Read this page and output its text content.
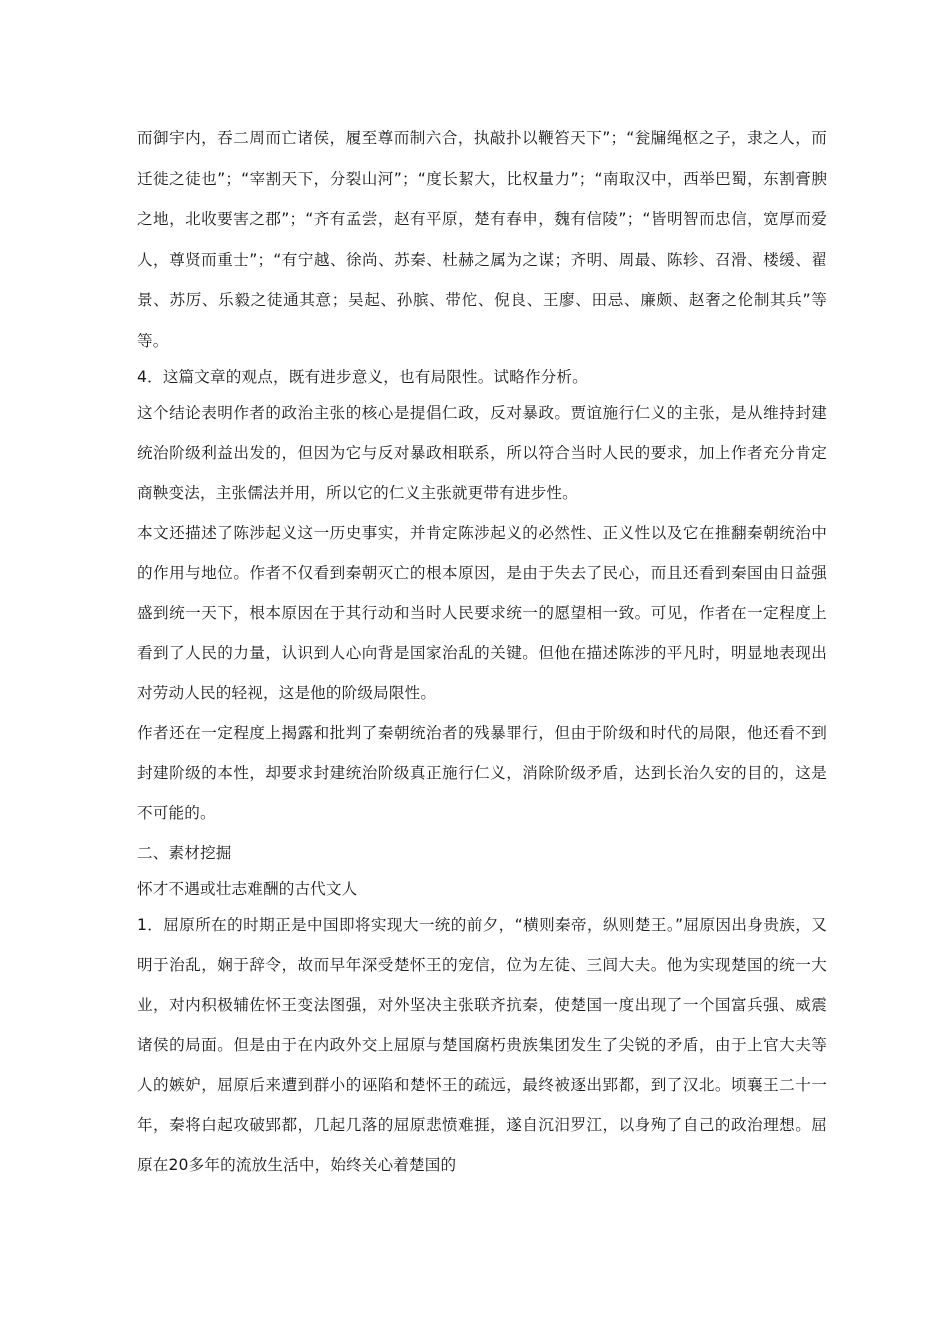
而御宇内，吞二周而亡诸侯，履至尊而制六合，执敲扑以鞭笞天下”；“瓮牖绳枢之子，隶之人，而迁徙之徒也”；“宰割天下，分裂山河”；“度长絜大，比权量力”；“南取汉中，西举巴蜀，东割膏腴之地，北收要害之郡”；“齐有孟尝，赵有平原，楚有春申，魏有信陵”；“皆明智而忠信，宽厚而爱人，尊贤而重士”；“有宁越、徐尚、苏秦、杜赫之属为之谋；齐明、周最、陈轸、召滑、楼缓、翟景、苏厉、乐毅之徒通其意；吴起、孙膑、带佗、倪良、王廖、田忌、廉颇、赵奢之伦制其兵”等等。

4．这篇文章的观点，既有进步意义，也有局限性。试略作分析。

这个结论表明作者的政治主张的核心是提倡仁政，反对暴政。贾谊施行仁义的主张，是从维持封建统治阶级利益出发的，但因为它与反对暴政相联系，所以符合当时人民的要求，加上作者充分肯定商鞅变法，主张儒法并用，所以它的仁义主张就更带有进步性。

本文还描述了陈涉起义这一历史事实，并肯定陈涉起义的必然性、正义性以及它在推翻秦朝统治中的作用与地位。作者不仅看到秦朝灭亡的根本原因，是由于失去了民心，而且还看到秦国由日益强盛到统一天下，根本原因在于其行动和当时人民要求统一的愿望相一致。可见，作者在一定程度上看到了人民的力量，认识到人心向背是国家治乱的关键。但他在描述陈涉的平凡时，明显地表现出对劳动人民的轻视，这是他的阶级局限性。

作者还在一定程度上揭露和批判了秦朝统治者的残暴罪行，但由于阶级和时代的局限，他还看不到封建阶级的本性，却要求封建统治阶级真正施行仁义，消除阶级矛盾，达到长治久安的目的，这是不可能的。

二、素材挖掘

怀才不遇或壮志难酬的古代文人

1．屈原所在的时期正是中国即将实现大一统的前夕，“横则秦帝，纵则楚王。”屈原因出身贵族，又明于治乱，娴于辞令，故而早年深受楚怀王的宠信，位为左徒、三闾大夫。他为实现楚国的统一大业，对内积极辅佐怀王变法图强，对外坚决主张联齐抗秦，使楚国一度出现了一个国富兵强、威震诸侯的局面。但是由于在内政外交上屈原与楚国腐朽贵族集团发生了尖锐的矛盾，由于上官大夫等人的嫉妒，屈原后来遭到群小的诬陷和楚怀王的疏远，最终被逐出郢都，到了汉北。顷襄王二十一年，秦将白起攻破郢都，几起几落的屈原悲愤难捱，遂自沉汨罗江，以身殉了自己的政治理想。屈原在20多年的流放生活中，始终关心着楚国的
